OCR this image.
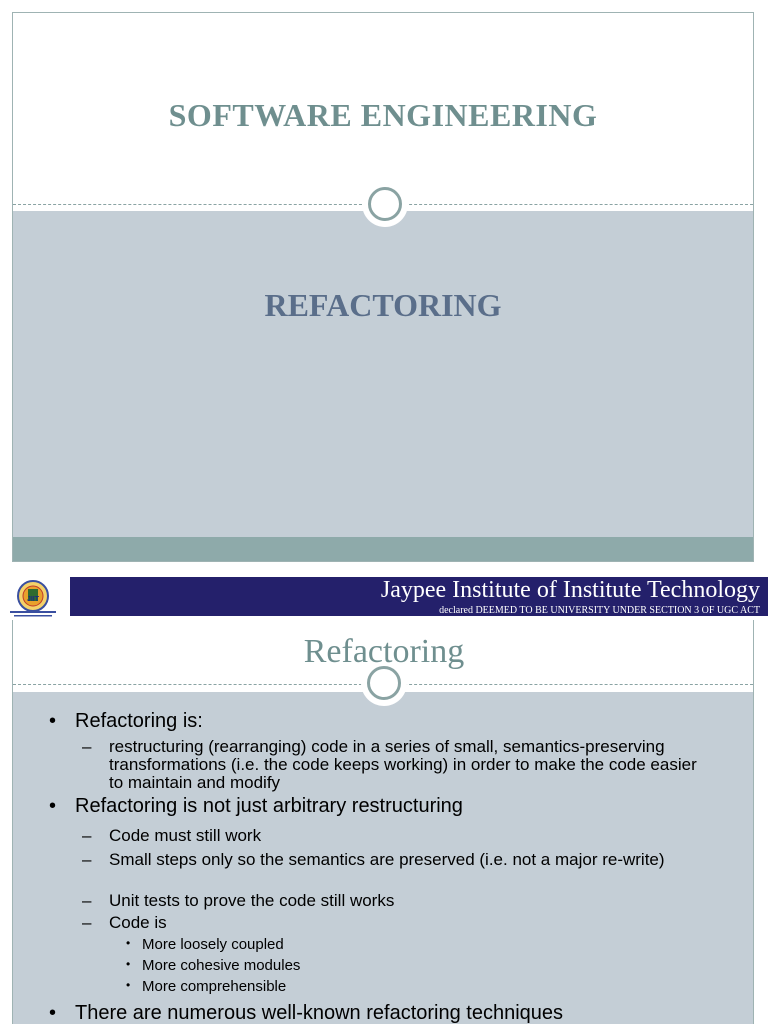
SOFTWARE ENGINEERING
REFACTORING
JIIT	Jaypee Institute of Institute Technology
declared DEEMED TO BE UNIVERSITY UNDER SECTION 3 OF UGC ACT
Refactoring
• Refactoring is:
– restructuring (rearranging) code in a series of small, semantics-preserving transformations (i.e. the code keeps working) in order to make the code easier to maintain and modify
• Refactoring is not just arbitrary restructuring
– Code must still work
– Small steps only so the semantics are preserved (i.e. not a major re-write)
– Unit tests to prove the code still works
– Code is
• More loosely coupled
• More cohesive modules
• More comprehensible
• There are numerous well-known refactoring techniques
